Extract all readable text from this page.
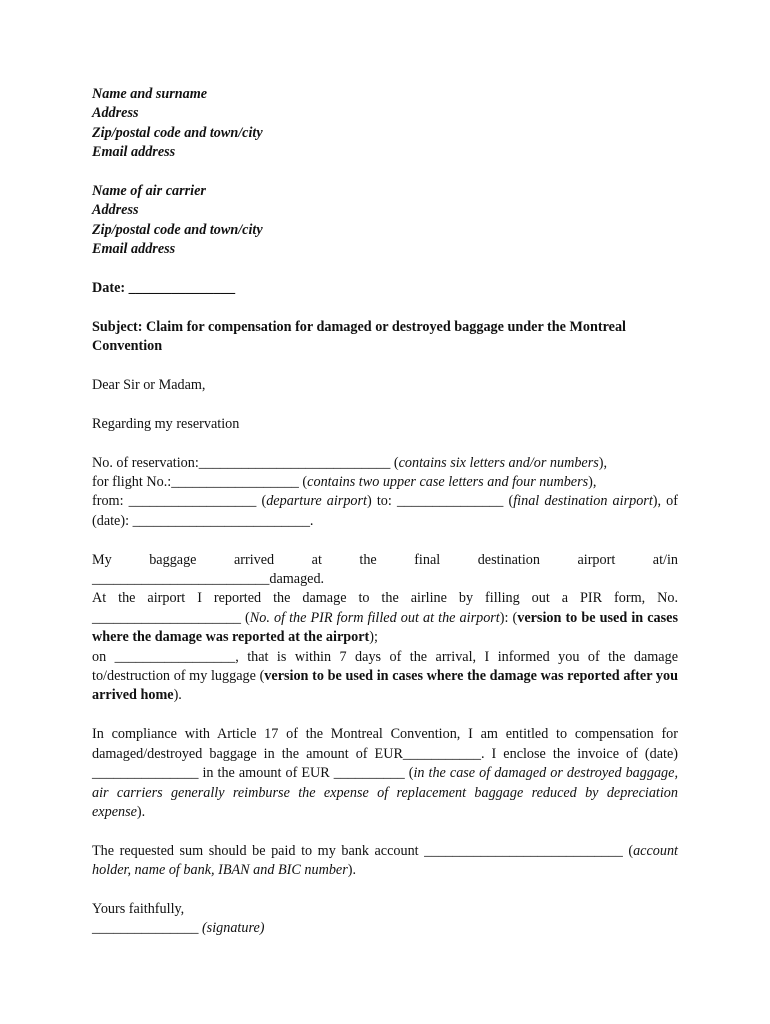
Name and surname

Address

Zip/postal code and town/city

Email address

Name of air carrier

Address

Zip/postal code and town/city

Email address

Date: _______________

Subject: Claim for compensation for damaged or destroyed baggage under the Montreal Convention

Dear Sir or Madam,

Regarding my reservation

No. of reservation:___________________________ (contains six letters and/or numbers),

for flight No.:__________________ (contains two upper case letters and four numbers),

from: __________________ (departure airport) to: _______________ (final destination airport), of (date): _________________________.

My baggage arrived at the final destination airport at/in

_________________________damaged.

At the airport I reported the damage to the airline by filling out a PIR form, No. _____________________ (No. of the PIR form filled out at the airport): (version to be used in cases where the damage was reported at the airport);

on _________________, that is within 7 days of the arrival, I informed you of the damage to/destruction of my luggage (version to be used in cases where the damage was reported after you arrived home).

In compliance with Article 17 of the Montreal Convention, I am entitled to compensation for damaged/destroyed baggage in the amount of EUR___________. I enclose the invoice of (date) _______________ in the amount of EUR __________ (in the case of damaged or destroyed baggage, air carriers generally reimburse the expense of replacement baggage reduced by depreciation expense).

The requested sum should be paid to my bank account ____________________________ (account holder, name of bank, IBAN and BIC number).

Yours faithfully,

_______________ (signature)
